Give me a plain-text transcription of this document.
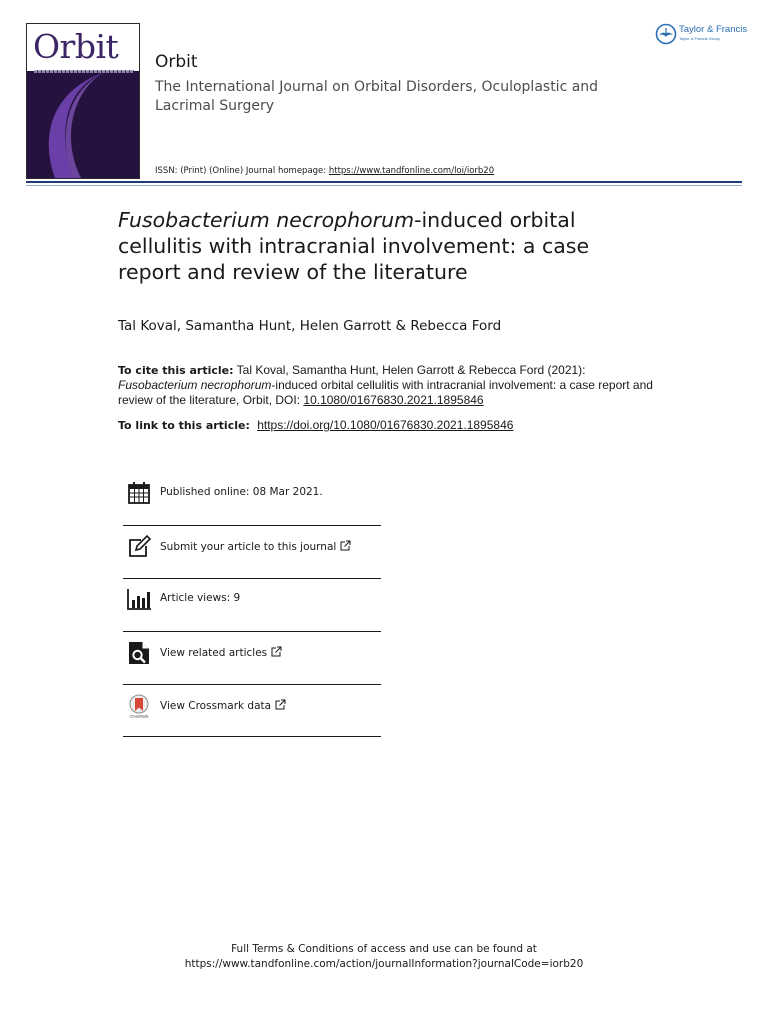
Orbit Orbit
The International Journal on Orbital Disorders, Oculoplastic and Lacrimal Surgery
ISSN: (Print) (Online) Journal homepage: https://www.tandfonline.com/loi/iorb20
Taylor & Francis
Taylor & Francis Group
Fusobacterium necrophorum-induced orbital cellulitis with intracranial involvement: a case report and review of the literature
Tal Koval, Samantha Hunt, Helen Garrott & Rebecca Ford
To cite this article: Tal Koval, Samantha Hunt, Helen Garrott & Rebecca Ford (2021): Fusobacterium necrophorum-induced orbital cellulitis with intracranial involvement: a case report and review of the literature, Orbit, DOI: 10.1080/01676830.2021.1895846
To link to this article: https://doi.org/10.1080/01676830.2021.1895846
Published online: 08 Mar 2021.
Submit your article to this journal
Article views: 9
View related articles
CrossMark
View Crossmark data
Full Terms & Conditions of access and use can be found at
https://www.tandfonline.com/action/journalInformation?journalCode=iorb20
